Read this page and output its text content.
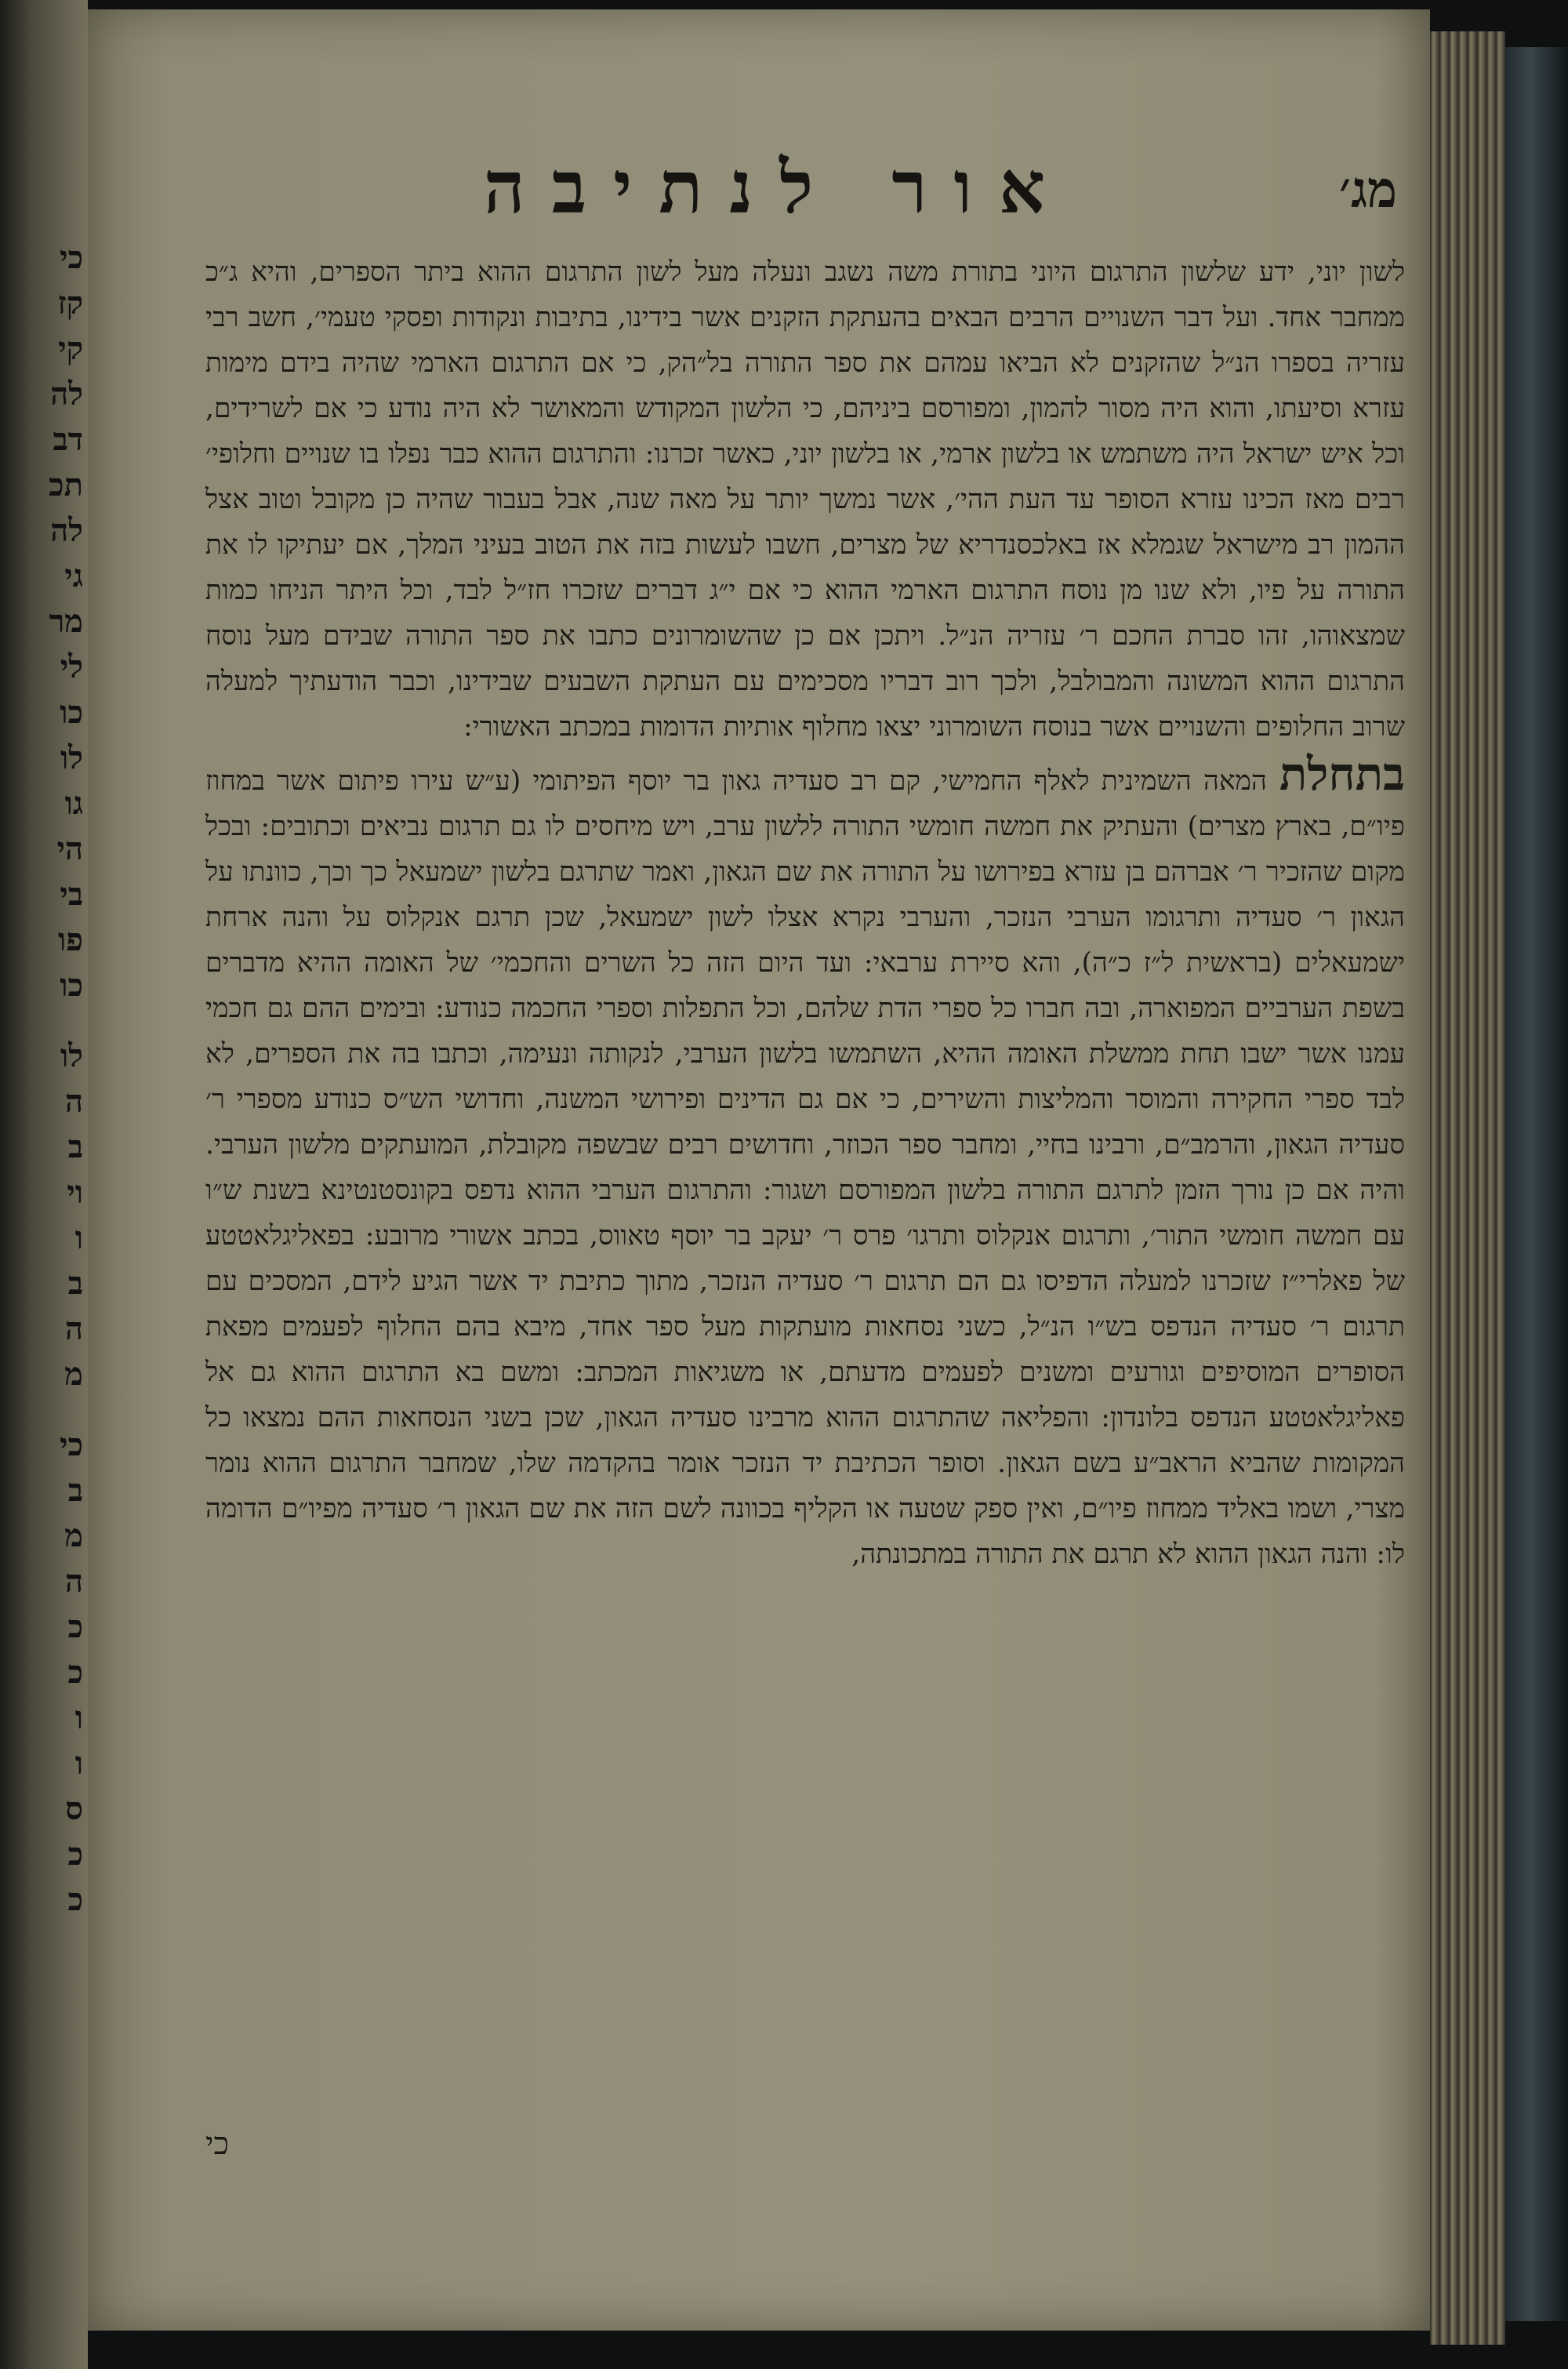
כי
קז
קי
לה
דב
תכ
לה
גי
מר
לי
כו
לו
גו
הי
בי
פו
כו
לו
ה
ב
וי
ו
ב
ה
מ
כי
ב
מ
ה
כ
כ
ו
ו
ס
כ
כ
מג׳
אור לנתיבה

לשון יוני, ידע שלשון התרגום היוני בתורת משה נשגב ונעלה מעל לשון התרגום ההוא ביתר הספרים, והיא ג״כ ממחבר אחד. ועל דבר השנויים הרבים הבאים בהעתקת הזקנים אשר בידינו, בתיבות ונקודות ופסקי טעמי׳, חשב רבי עזריה בספרו הנ״ל שהזקנים לא הביאו עמהם את ספר התורה בל״הק, כי אם התרגום הארמי שהיה בידם מימות עזרא וסיעתו, והוא היה מסור להמון, ומפורסם ביניהם, כי הלשון המקודש והמאושר לא היה נודע כי אם לשרידים, וכל איש ישראל היה משתמש או בלשון ארמי, או בלשון יוני, כאשר זכרנו: והתרגום ההוא כבר נפלו בו שנויים וחלופי׳ רבים מאז הכינו עזרא הסופר עד העת ההי׳, אשר נמשך יותר על מאה שנה, אבל בעבור שהיה כן מקובל וטוב אצל ההמון רב מישראל שגמלא אז באלכסנדריא של מצרים, חשבו לעשות בזה את הטוב בעיני המלך, אם יעתיקו לו את התורה על פיו, ולא שנו מן נוסח התרגום הארמי ההוא כי אם י״ג דברים שזכרו חז״ל לבד, וכל היתר הניחו כמות שמצאוהו, זהו סברת החכם ר׳ עזריה הנ״ל. ויתכן אם כן שהשומרונים כתבו את ספר התורה שבידם מעל נוסח התרגום ההוא המשונה והמבולבל, ולכך רוב דבריו מסכימים עם העתקת השבעים שבידינו, וכבר הודעתיך למעלה שרוב החלופים והשנויים אשר בנוסח השומרוני יצאו מחלוף אותיות הדומות במכתב האשורי:

בתחלתהמאה השמינית לאלף החמישי, קם רב סעדיה גאון בר יוסף הפיתומי (ע״ש עירו פיתום אשר במחוז פיו״ם, בארץ מצרים) והעתיק את חמשה חומשי התורה ללשון ערב, ויש מיחסים לו גם תרגום נביאים וכתובים: ובכל מקום שהזכיר ר׳ אברהם בן עזרא בפירושו על התורה את שם הגאון, ואמר שתרגם בלשון ישמעאל כך וכך, כוונתו על הגאון ר׳ סעדיה ותרגומו הערבי הנזכר, והערבי נקרא אצלו לשון ישמעאל, שכן תרגם אנקלוס על והנה ארחת ישמעאלים (בראשית ל״ז כ״ה), והא סיירת ערבאי: ועד היום הזה כל השרים והחכמי׳ של האומה ההיא מדברים בשפת הערביים המפוארה, ובה חברו כל ספרי הדת שלהם, וכל התפלות וספרי החכמה כנודע: ובימים ההם גם חכמי עמנו אשר ישבו תחת ממשלת האומה ההיא, השתמשו בלשון הערבי, לנקותה ונעימה, וכתבו בה את הספרים, לא לבד ספרי החקירה והמוסר והמליצות והשירים, כי אם גם הדינים ופירושי המשנה, וחדושי הש״ס כנודע מספרי ר׳ סעדיה הגאון, והרמב״ם, ורבינו בחיי, ומחבר ספר הכוזר, וחדושים רבים שבשפה מקובלת, המועתקים מלשון הערבי. והיה אם כן נורך הזמן לתרגם התורה בלשון המפורסם ושגור: והתרגום הערבי ההוא נדפס בקונסטנטינא בשנת ש״ו עם חמשה חומשי התור׳, ותרגום אנקלוס ותרגו׳ פרס ר׳ יעקב בר יוסף טאווס, בכתב אשורי מרובע: בפאליגלאטטע של פאלרי״ז שזכרנו למעלה הדפיסו גם הם תרגום ר׳ סעדיה הנזכר, מתוך כתיבת יד אשר הגיע לידם, המסכים עם תרגום ר׳ סעדיה הנדפס בש״ו הנ״ל, כשני נסחאות מועתקות מעל ספר אחד, מיבא בהם החלוף לפעמים מפאת הסופרים המוסיפים וגורעים ומשנים לפעמים מדעתם, או משגיאות המכתב: ומשם בא התרגום ההוא גם אל פאליגלאטטע הנדפס בלונדון: והפליאה שהתרגום ההוא מרבינו סעדיה הגאון, שכן בשני הנסחאות ההם נמצאו כל המקומות שהביא הראב״ע בשם הגאון. וסופר הכתיבת יד הנזכר אומר בהקדמה שלו, שמחבר התרגום ההוא נומר מצרי, ושמו באליד ממחוז פיו״ם, ואין ספק שטעה או הקליף בכוונה לשם הזה את שם הגאון ר׳ סעדיה מפיו״ם הדומה לו: והנה הגאון ההוא לא תרגם את התורה במתכונתה,

כי
